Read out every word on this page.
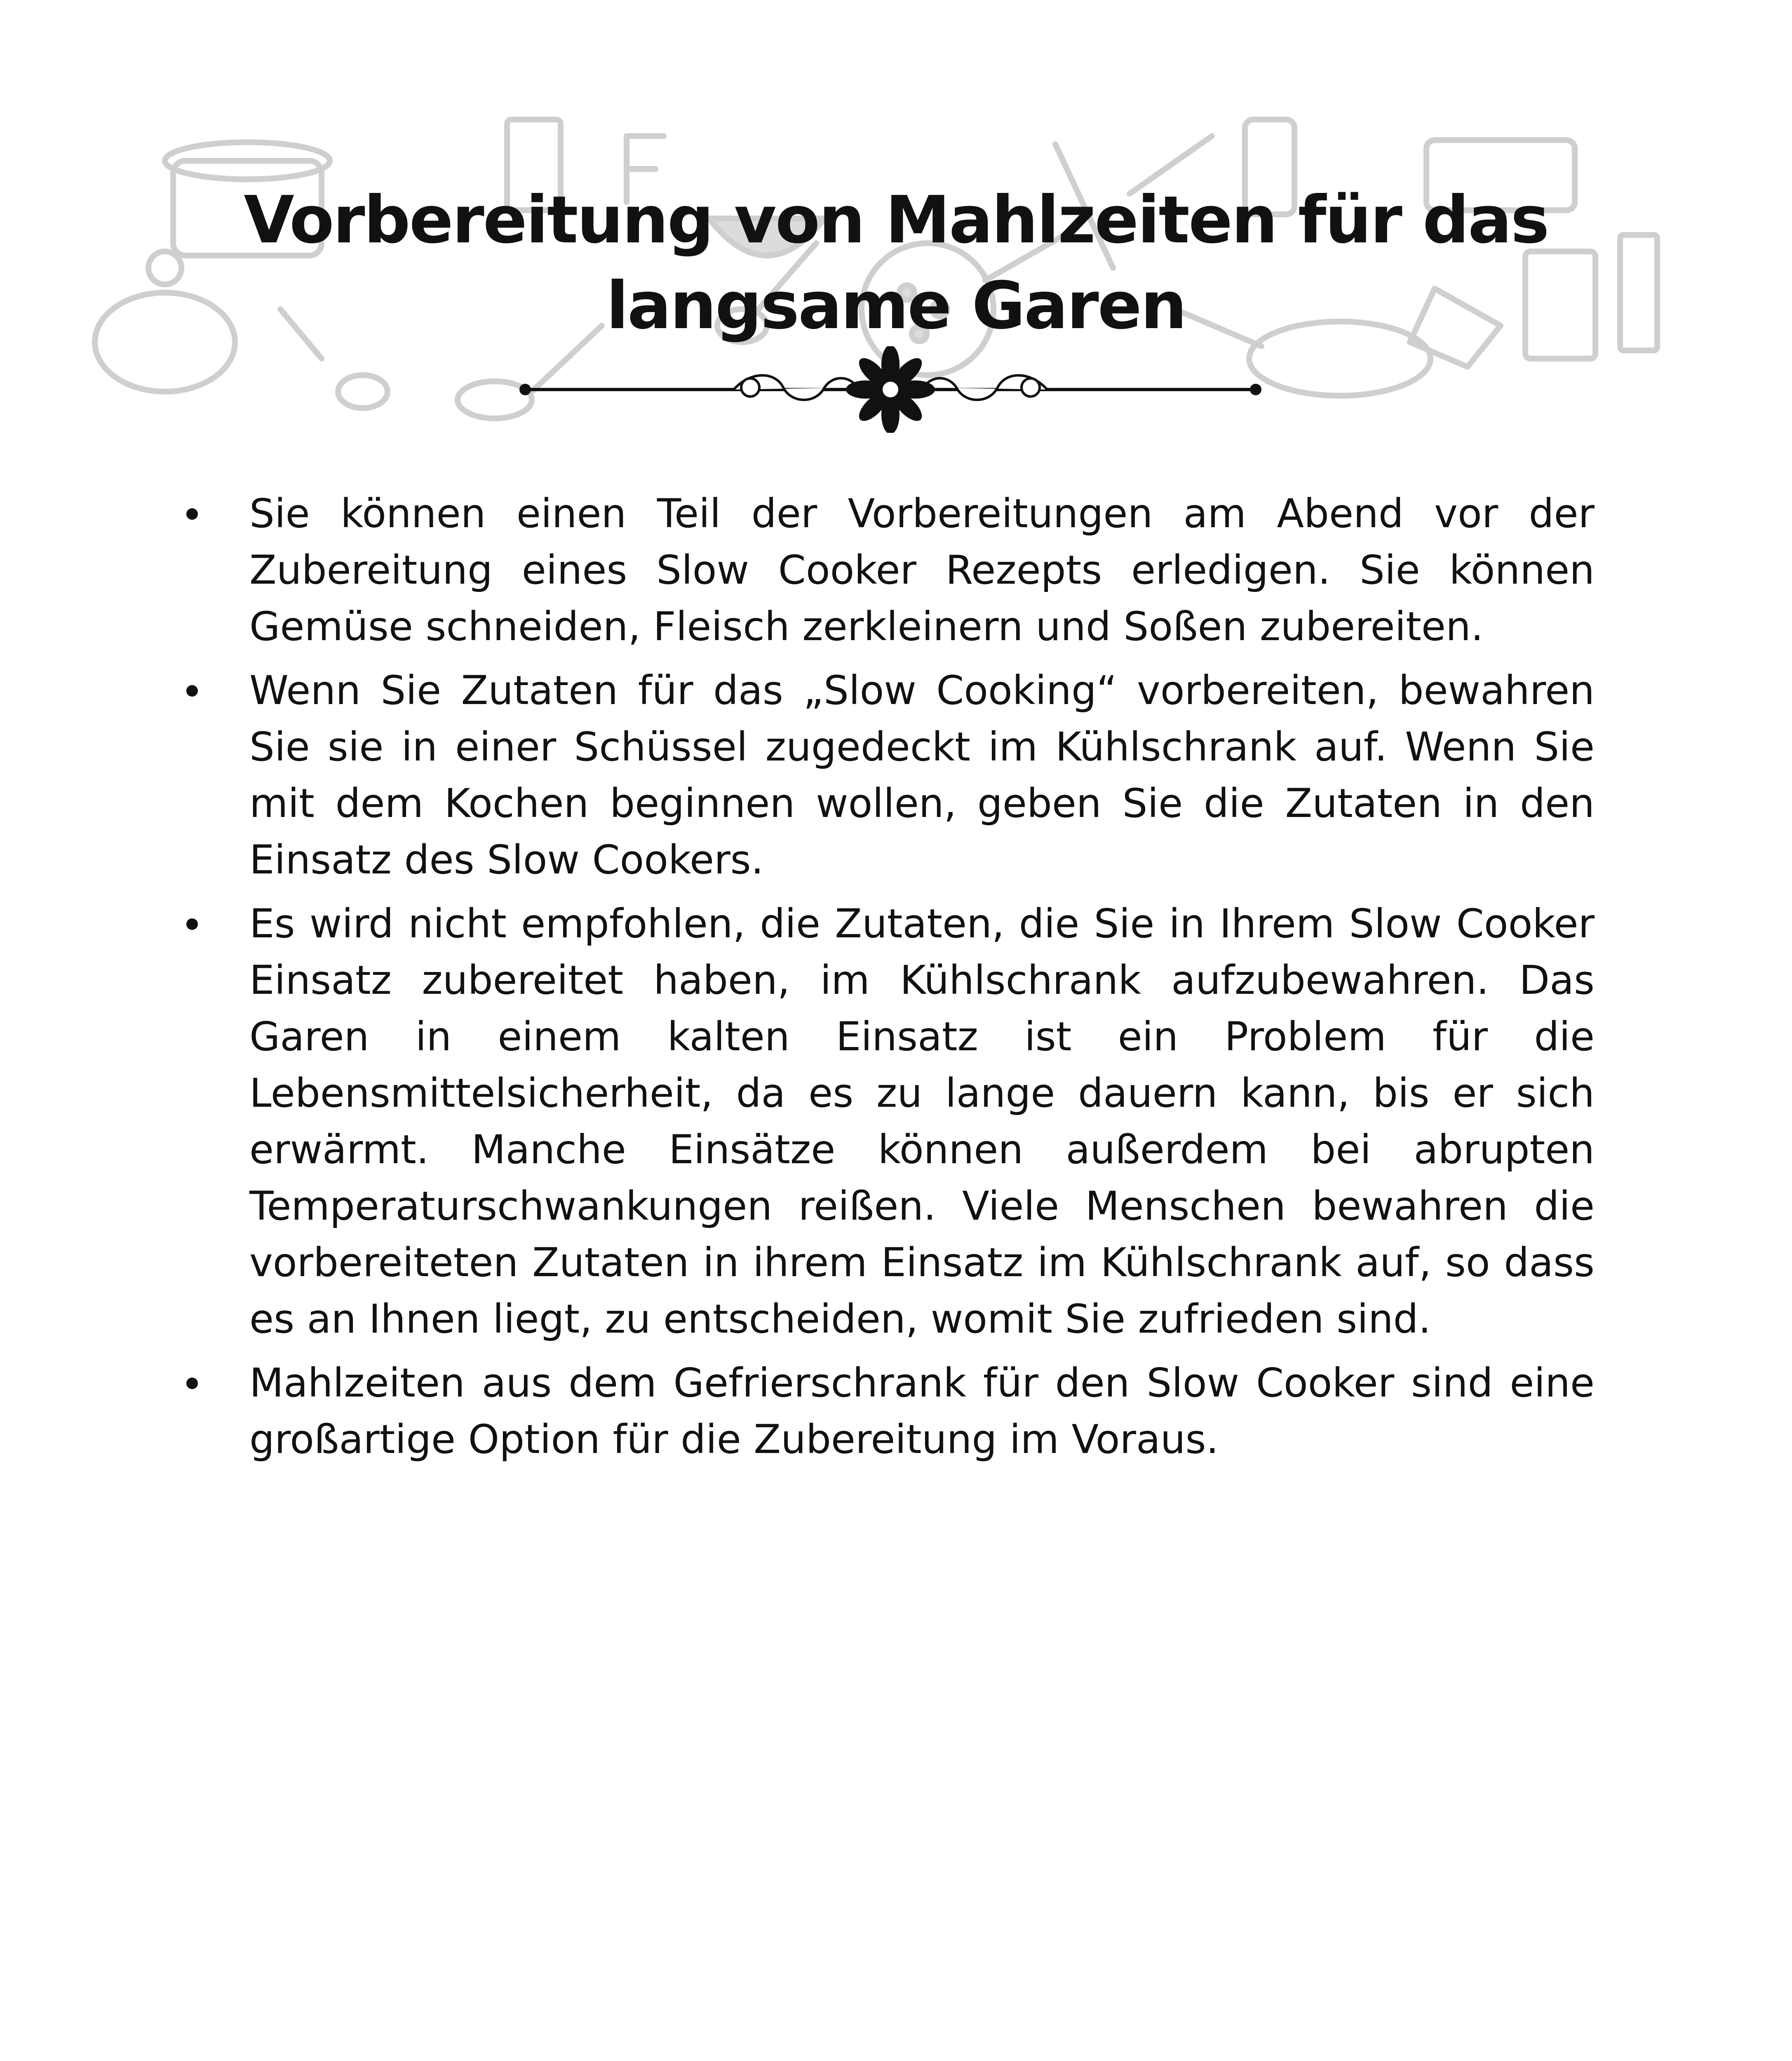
Vorbereitung von Mahlzeiten für das langsame Garen
Sie können einen Teil der Vorbereitungen am Abend vor der Zubereitung eines Slow Cooker Rezepts erledigen. Sie können Gemüse schneiden, Fleisch zerkleinern und Soßen zubereiten.
Wenn Sie Zutaten für das „Slow Cooking“ vorbereiten, bewahren Sie sie in einer Schüssel zugedeckt im Kühlschrank auf. Wenn Sie mit dem Kochen beginnen wollen, geben Sie die Zutaten in den Einsatz des Slow Cookers.
Es wird nicht empfohlen, die Zutaten, die Sie in Ihrem Slow Cooker Einsatz zubereitet haben, im Kühlschrank aufzubewahren. Das Garen in einem kalten Einsatz ist ein Problem für die Lebensmittelsicherheit, da es zu lange dauern kann, bis er sich erwärmt. Manche Einsätze können außerdem bei abrupten Temperaturschwankungen reißen. Viele Menschen bewahren die vorbereiteten Zutaten in ihrem Einsatz im Kühlschrank auf, so dass es an Ihnen liegt, zu entscheiden, womit Sie zufrieden sind.
Mahlzeiten aus dem Gefrierschrank für den Slow Cooker sind eine großartige Option für die Zubereitung im Voraus.
